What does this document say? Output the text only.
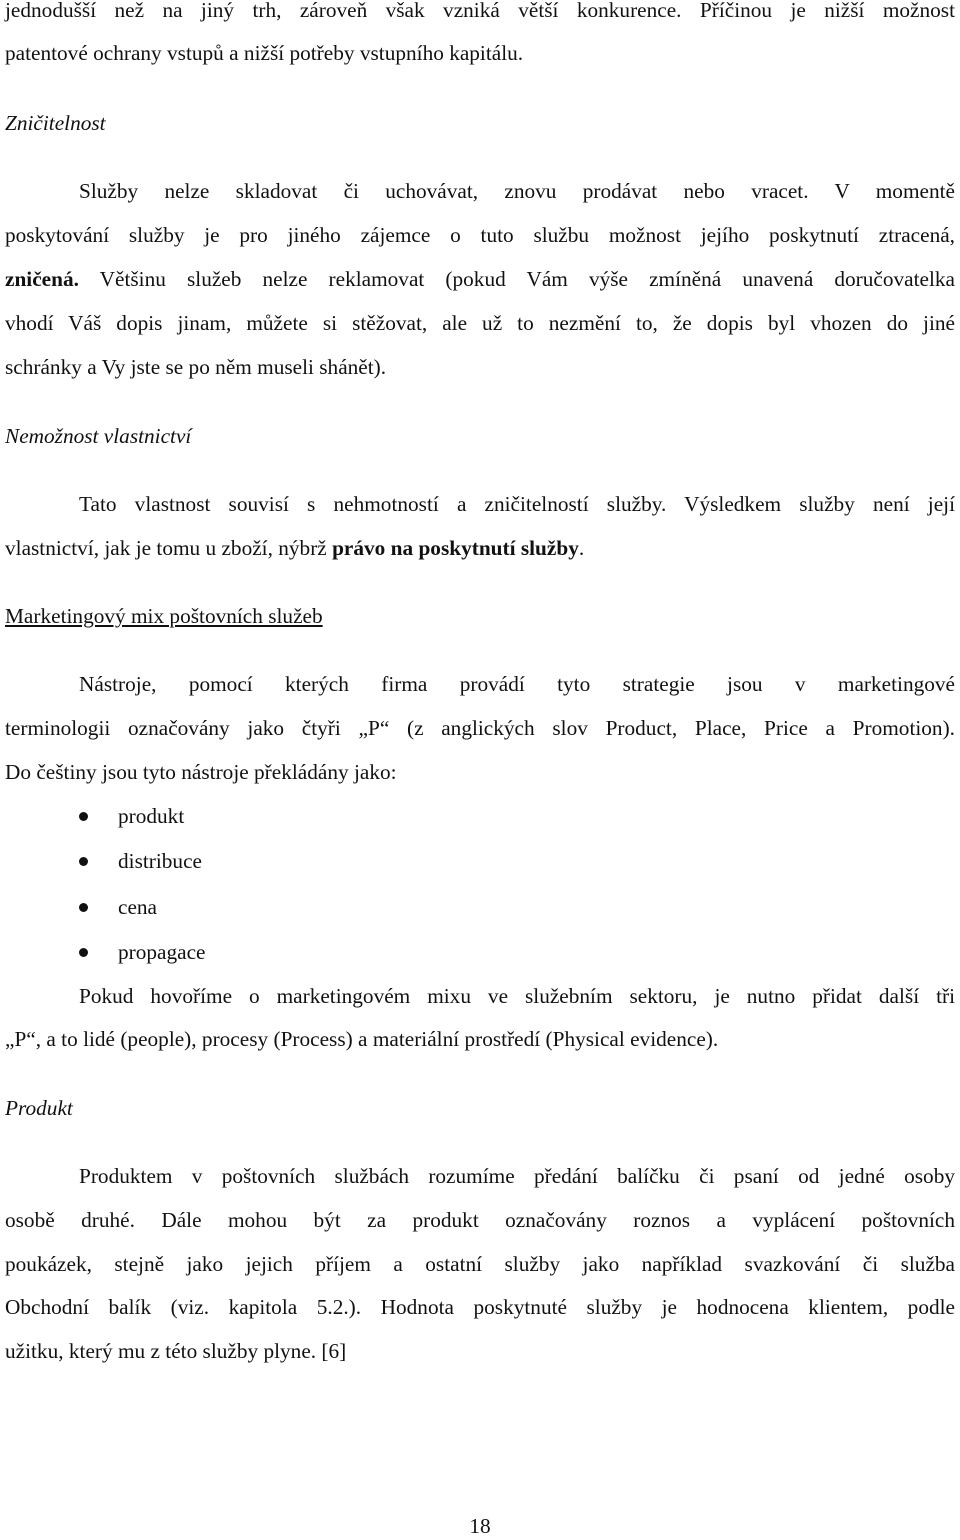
jednodušší než na jiný trh, zároveň však vzniká větší konkurence. Příčinou je nižší možnost
patentové ochrany vstupů a nižší potřeby vstupního kapitálu.
Zničitelnost
Služby nelze skladovat či uchovávat, znovu prodávat nebo vracet. V momentě
poskytování služby je pro jiného zájemce o tuto službu možnost jejího poskytnutí ztracená,
zničená. Většinu služeb nelze reklamovat (pokud Vám výše zmíněná unavená doručovatelka
vhodí Váš dopis jinam, můžete si stěžovat, ale už to nezmění to, že dopis byl vhozen do jiné
schránky a Vy jste se po něm museli shánět).
Nemožnost vlastnictví
Tato vlastnost souvisí s nehmotností a zničitelností služby. Výsledkem služby není její
vlastnictví, jak je tomu u zboží, nýbrž právo na poskytnutí služby.
Marketingový mix poštovních služeb
Nástroje, pomocí kterých firma provádí tyto strategie jsou v marketingové
terminologii označovány jako čtyři „P“ (z anglických slov Product, Place, Price a Promotion).
Do češtiny jsou tyto nástroje překládány jako:
produkt
distribuce
cena
propagace
Pokud hovoříme o marketingovém mixu ve služebním sektoru, je nutno přidat další tři
„P“, a to lidé (people), procesy (Process) a materiální prostředí (Physical evidence).
Produkt
Produktem v poštovních službách rozumíme předání balíčku či psaní od jedné osoby
osobě druhé. Dále mohou být za produkt označovány roznos a vyplácení poštovních
poukázek, stejně jako jejich příjem a ostatní služby jako například svazkování či služba
Obchodní balík (viz. kapitola 5.2.). Hodnota poskytnuté služby je hodnocena klientem, podle
užitku, který mu z této služby plyne. [6]
18
